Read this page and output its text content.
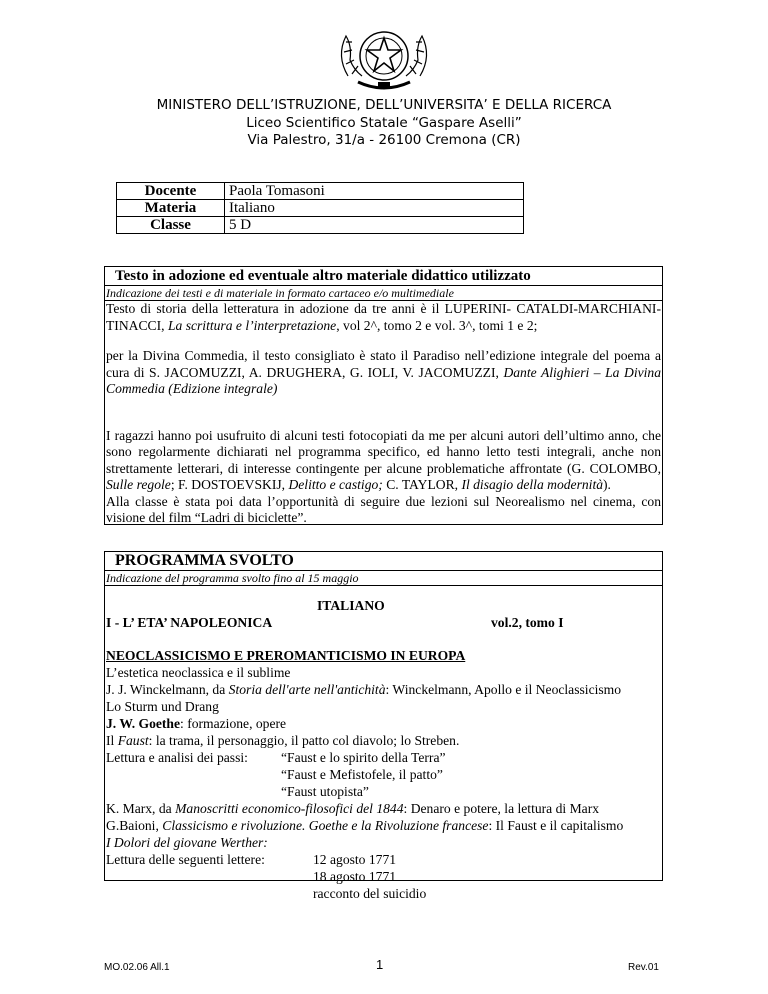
MINISTERO DELL’ISTRUZIONE, DELL’UNIVERSITA’ E DELLA RICERCA
Liceo Scientifico Statale “Gaspare Aselli”
Via Palestro, 31/a - 26100 Cremona (CR)
Docente	Paola Tomasoni
Materia	Italiano
Classe	5 D
Testo in adozione ed eventuale altro materiale didattico utilizzato
Indicazione dei testi e di materiale in formato cartaceo e/o multimediale

Testo di storia della letteratura in adozione da tre anni è il LUPERINI- CATALDI-MARCHIANI-TINACCI, La scrittura e l’interpretazione, vol 2^, tomo 2 e vol. 3^, tomi 1 e 2;

per la Divina Commedia, il testo consigliato è stato il Paradiso nell’edizione integrale del poema a cura di S. JACOMUZZI, A. DRUGHERA, G. IOLI, V. JACOMUZZI, Dante Alighieri – La Divina Commedia (Edizione integrale)

I ragazzi hanno poi usufruito di alcuni testi fotocopiati da me per alcuni autori dell’ultimo anno, che sono regolarmente dichiarati nel programma specifico, ed hanno letto testi integrali, anche non strettamente letterari, di interesse contingente per alcune problematiche affrontate (G. COLOMBO, Sulle regole; F. DOSTOEVSKIJ, Delitto e castigo; C. TAYLOR, Il disagio della modernità).

Alla classe è stata poi data l’opportunità di seguire due lezioni sul Neorealismo nel cinema, con visione del film “Ladri di biciclette”.

PROGRAMMA SVOLTO
Indicazione del programma svolto fino al 15 maggio
ITALIANO
I - L’ ETA’ NAPOLEONICA	vol.2, tomo I
NEOCLASSICISMO E PREROMANTICISMO IN EUROPA
L’estetica neoclassica e il sublime
J. J. Winckelmann, da Storia dell'arte nell'antichità: Winckelmann, Apollo e il Neoclassicismo
Lo Sturm und Drang
J. W. Goethe: formazione, opere
Il Faust: la trama, il personaggio, il patto col diavolo; lo Streben.
Lettura e analisi dei passi: “Faust e lo spirito della Terra”
“Faust e Mefistofele, il patto”
“Faust utopista”
K. Marx, da Manoscritti economico-filosofici del 1844: Denaro e potere, la lettura di Marx
G.Baioni, Classicismo e rivoluzione. Goethe e la Rivoluzione francese: Il Faust e il capitalismo
I Dolori del giovane Werther:
Lettura delle seguenti lettere:	12 agosto 1771
18 agosto 1771
racconto del suicidio
1
MO.02.06 All.1	Rev.01
